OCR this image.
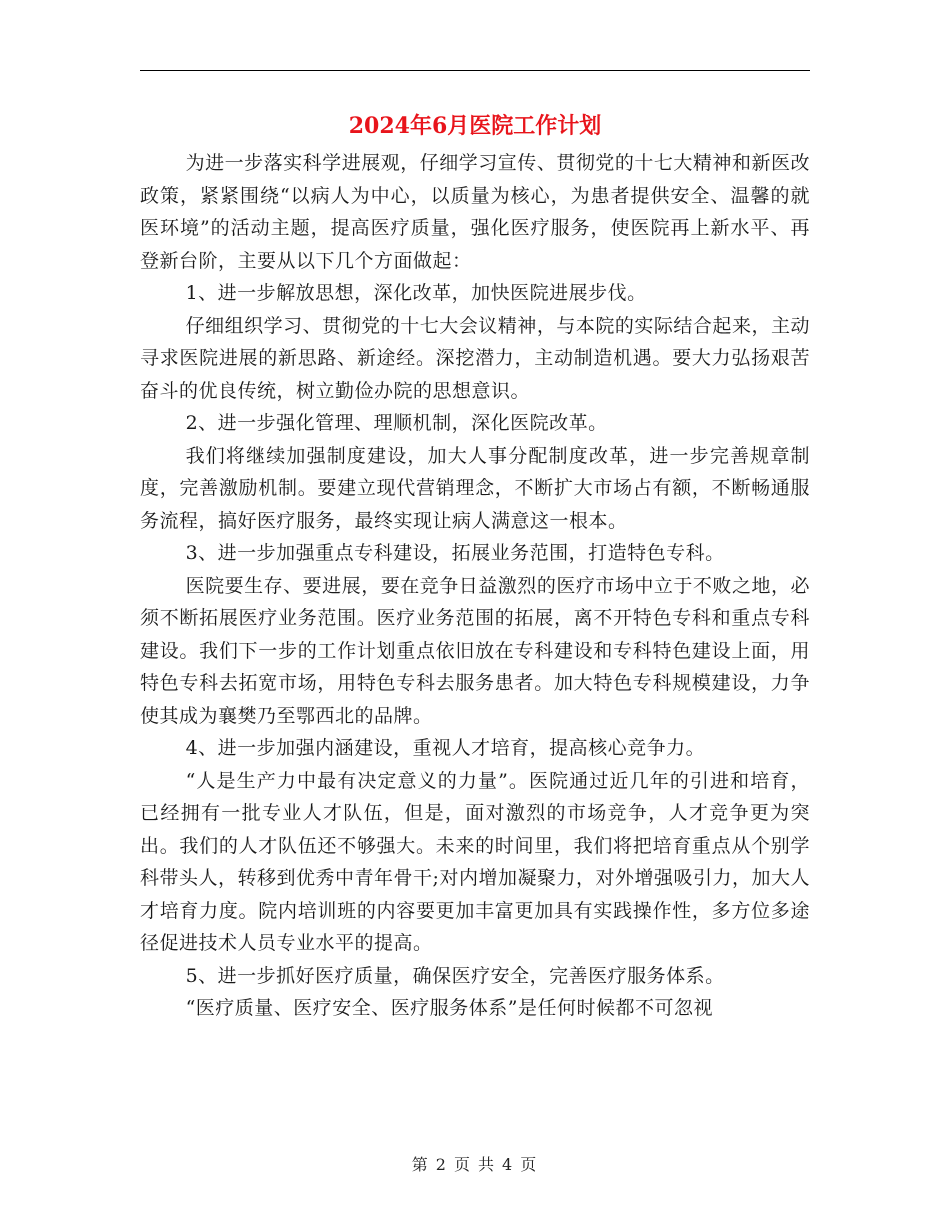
2024年6月医院工作计划

为进一步落实科学进展观，仔细学习宣传、贯彻党的十七大精神和新医改政策，紧紧围绕“以病人为中心，以质量为核心，为患者提供安全、温馨的就医环境”的活动主题，提高医疗质量，强化医疗服务，使医院再上新水平、再登新台阶，主要从以下几个方面做起：

1、进一步解放思想，深化改革，加快医院进展步伐。

仔细组织学习、贯彻党的十七大会议精神，与本院的实际结合起来，主动寻求医院进展的新思路、新途经。深挖潜力，主动制造机遇。要大力弘扬艰苦奋斗的优良传统，树立勤俭办院的思想意识。

2、进一步强化管理、理顺机制，深化医院改革。

我们将继续加强制度建设，加大人事分配制度改革，进一步完善规章制度，完善激励机制。要建立现代营销理念，不断扩大市场占有额，不断畅通服务流程，搞好医疗服务，最终实现让病人满意这一根本。

3、进一步加强重点专科建设，拓展业务范围，打造特色专科。

医院要生存、要进展，要在竞争日益激烈的医疗市场中立于不败之地，必须不断拓展医疗业务范围。医疗业务范围的拓展，离不开特色专科和重点专科建设。我们下一步的工作计划重点依旧放在专科建设和专科特色建设上面，用特色专科去拓宽市场，用特色专科去服务患者。加大特色专科规模建设，力争使其成为襄樊乃至鄂西北的品牌。

4、进一步加强内涵建设，重视人才培育，提高核心竞争力。

“人是生产力中最有决定意义的力量”。医院通过近几年的引进和培育，已经拥有一批专业人才队伍，但是，面对激烈的市场竞争，人才竞争更为突出。我们的人才队伍还不够强大。未来的时间里，我们将把培育重点从个别学科带头人，转移到优秀中青年骨干;对内增加凝聚力，对外增强吸引力，加大人才培育力度。院内培训班的内容要更加丰富更加具有实践操作性，多方位多途径促进技术人员专业水平的提高。

5、进一步抓好医疗质量，确保医疗安全，完善医疗服务体系。

“医疗质量、医疗安全、医疗服务体系”是任何时候都不可忽视

第 2 页 共 4 页
